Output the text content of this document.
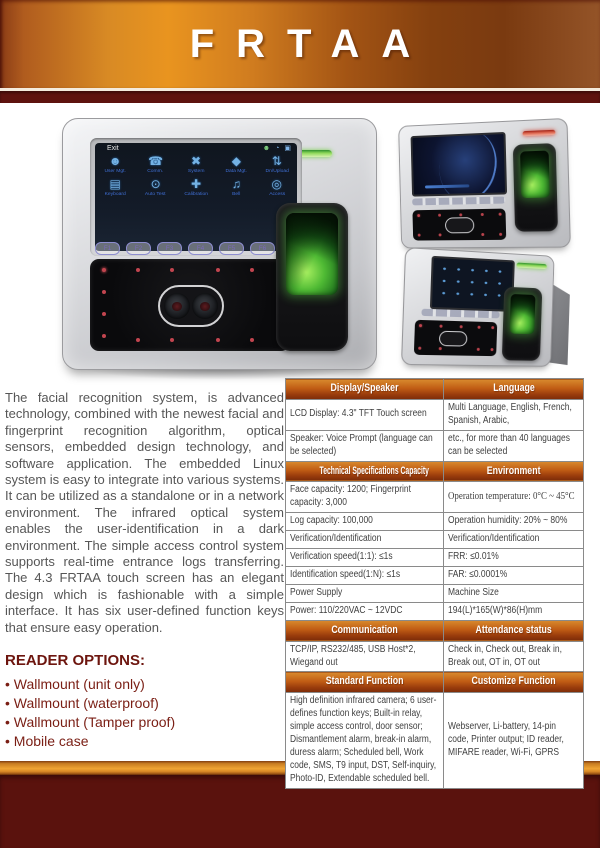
FRTAA
Exit	☻ ◔ ▣
☻
User Mgt.
☎
Comm.
✖
System
◆
Data Mgt.
⇅
Dn/Upload
▤
Keyboard
⊙
Auto Test
✚
Calibration
♫
Bell
◎
Access
F1	F2	F3	F4	F5	F6

The facial recognition system, is advanced technology, combined with the newest facial and fingerprint recognition algorithm, optical sensors, embedded design technology, and software application. The embedded Linux system is easy to integrate into various systems. It can be utilized as a standalone or in a network environment. The infrared optical system enables the user-identification in a dark environment. The simple access control system supports real-time entrance logs transferring. The 4.3 FRTAA touch screen has an elegant design which is fashionable with a simple interface. It has six user-defined function keys that ensure easy operation.

READER OPTIONS:

• Wallmount (unit only)
• Wallmount (waterproof)
• Wallmount (Tamper proof)
• Mobile case
Display/Speaker	Language

LCD Display: 4.3" TFT Touch screen	Multi Language, English, French, Spanish, Arabic,

Speaker: Voice Prompt (language can be selected)	etc., for more than 40 languages can be selected

Technical Specifications Capacity	Environment

Face capacity: 1200; Fingerprint capacity: 3,000	Operation temperature: 0°C ~ 45°C

Log capacity: 100,000	Operation humidity: 20% ~ 80%

Verification/Identification	Verification/Identification

Verification speed(1:1): ≤1s	FRR: ≤0.01%

Identification speed(1:N): ≤1s	FAR: ≤0.0001%

Power Supply	Machine Size

Power: 110/220VAC ~ 12VDC	194(L)*165(W)*86(H)mm

Communication	Attendance status

TCP/IP, RS232/485, USB Host*2, Wiegand out	Check in, Check out, Break in, Break out, OT in, OT out

Standard Function	Customize Function

High definition infrared camera; 6 user-defines function keys; Built-in relay, simple access control, door sensor; Dismantlement alarm, break-in alarm, duress alarm; Scheduled bell, Work code, SMS, T9 input, DST, Self-inquiry, Photo-ID, Extendable scheduled bell.	Webserver, Li-battery, 14-pin code, Printer output; ID reader, MIFARE reader, Wi-Fi, GPRS
